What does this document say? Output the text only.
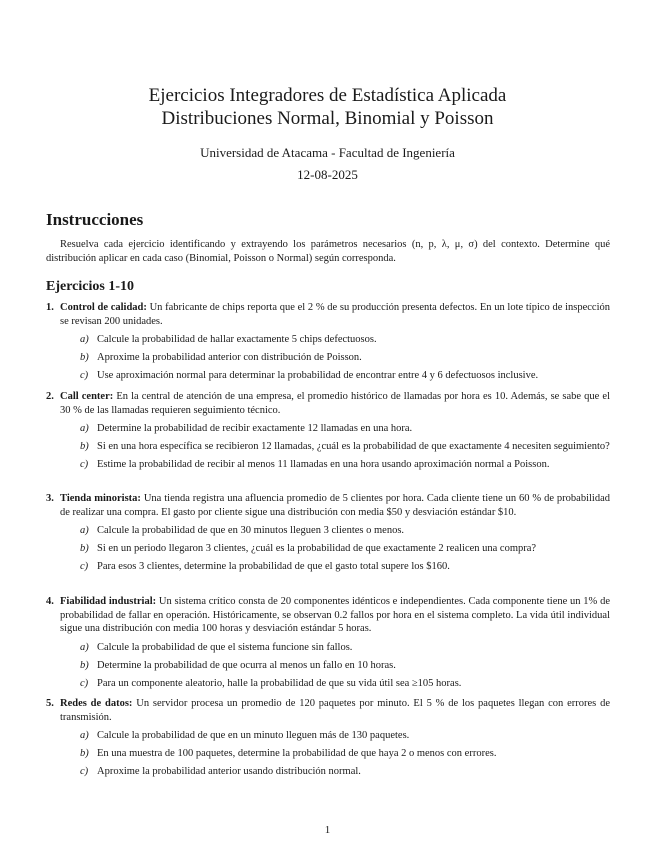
Ejercicios Integradores de Estadística Aplicada
Distribuciones Normal, Binomial y Poisson
Universidad de Atacama - Facultad de Ingeniería
12-08-2025
Instrucciones
Resuelva cada ejercicio identificando y extrayendo los parámetros necesarios (n, p, λ, μ, σ) del contexto. Determine qué distribución aplicar en cada caso (Binomial, Poisson o Normal) según corresponda.
Ejercicios 1-10
1. Control de calidad: Un fabricante de chips reporta que el 2 % de su producción presenta defectos. En un lote típico de inspección se revisan 200 unidades.
a) Calcule la probabilidad de hallar exactamente 5 chips defectuosos.
b) Aproxime la probabilidad anterior con distribución de Poisson.
c) Use aproximación normal para determinar la probabilidad de encontrar entre 4 y 6 defectuosos inclusive.
2. Call center: En la central de atención de una empresa, el promedio histórico de llamadas por hora es 10. Además, se sabe que el 30 % de las llamadas requieren seguimiento técnico.
a) Determine la probabilidad de recibir exactamente 12 llamadas en una hora.
b) Si en una hora específica se recibieron 12 llamadas, ¿cuál es la probabilidad de que exactamente 4 necesiten seguimiento?
c) Estime la probabilidad de recibir al menos 11 llamadas en una hora usando aproximación normal a Poisson.
3. Tienda minorista: Una tienda registra una afluencia promedio de 5 clientes por hora. Cada cliente tiene un 60 % de probabilidad de realizar una compra. El gasto por cliente sigue una distribución con media $50 y desviación estándar $10.
a) Calcule la probabilidad de que en 30 minutos lleguen 3 clientes o menos.
b) Si en un periodo llegaron 3 clientes, ¿cuál es la probabilidad de que exactamente 2 realicen una compra?
c) Para esos 3 clientes, determine la probabilidad de que el gasto total supere los $160.
4. Fiabilidad industrial: Un sistema crítico consta de 20 componentes idénticos e independientes. Cada componente tiene un 1% de probabilidad de fallar en operación. Históricamente, se observan 0.2 fallos por hora en el sistema completo. La vida útil individual sigue una distribución con media 100 horas y desviación estándar 5 horas.
a) Calcule la probabilidad de que el sistema funcione sin fallos.
b) Determine la probabilidad de que ocurra al menos un fallo en 10 horas.
c) Para un componente aleatorio, halle la probabilidad de que su vida útil sea ≥105 horas.
5. Redes de datos: Un servidor procesa un promedio de 120 paquetes por minuto. El 5 % de los paquetes llegan con errores de transmisión.
a) Calcule la probabilidad de que en un minuto lleguen más de 130 paquetes.
b) En una muestra de 100 paquetes, determine la probabilidad de que haya 2 o menos con errores.
c) Aproxime la probabilidad anterior usando distribución normal.
1
